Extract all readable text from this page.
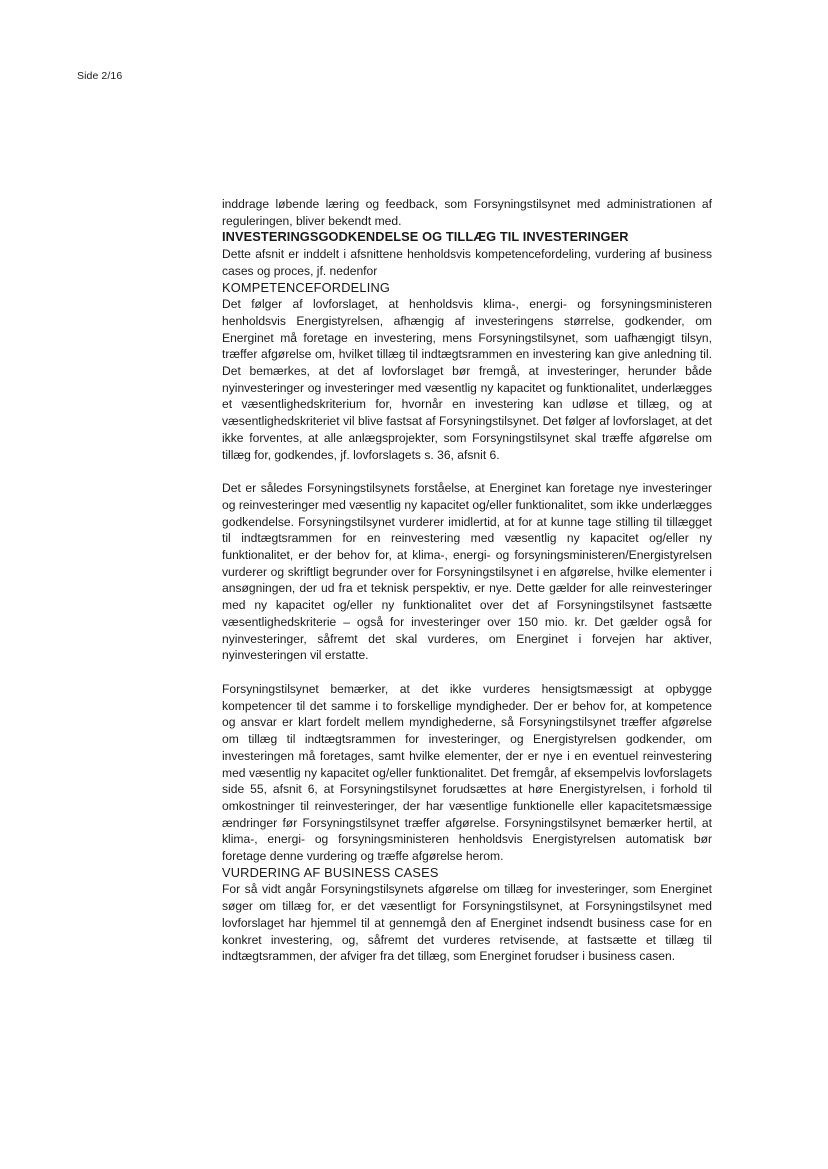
Side 2/16

inddrage løbende læring og feedback, som Forsyningstilsynet med administrationen af reguleringen, bliver bekendt med.

INVESTERINGSGODKENDELSE OG TILLÆG TIL INVESTERINGER

Dette afsnit er inddelt i afsnittene henholdsvis kompetencefordeling, vurdering af business cases og proces, jf. nedenfor

KOMPETENCEFORDELING

Det følger af lovforslaget, at henholdsvis klima-, energi- og forsyningsministeren henholdsvis Energistyrelsen, afhængig af investeringens størrelse, godkender, om Energinet må foretage en investering, mens Forsyningstilsynet, som uafhængigt tilsyn, træffer afgørelse om, hvilket tillæg til indtægtsrammen en investering kan give anledning til. Det bemærkes, at det af lovforslaget bør fremgå, at investeringer, herunder både nyinvesteringer og investeringer med væsentlig ny kapacitet og funktionalitet, underlægges et væsentlighedskriterium for, hvornår en investering kan udløse et tillæg, og at væsentlighedskriteriet vil blive fastsat af Forsyningstilsynet. Det følger af lovforslaget, at det ikke forventes, at alle anlægsprojekter, som Forsyningstilsynet skal træffe afgørelse om tillæg for, godkendes, jf. lovforslagets s. 36, afsnit 6.

Det er således Forsyningstilsynets forståelse, at Energinet kan foretage nye investeringer og reinvesteringer med væsentlig ny kapacitet og/eller funktionalitet, som ikke underlægges godkendelse. Forsyningstilsynet vurderer imidlertid, at for at kunne tage stilling til tillægget til indtægtsrammen for en reinvestering med væsentlig ny kapacitet og/eller ny funktionalitet, er der behov for, at klima-, energi- og forsyningsministeren/Energistyrelsen vurderer og skriftligt begrunder over for Forsyningstilsynet i en afgørelse, hvilke elementer i ansøgningen, der ud fra et teknisk perspektiv, er nye. Dette gælder for alle reinvesteringer med ny kapacitet og/eller ny funktionalitet over det af Forsyningstilsynet fastsætte væsentlighedskriterie – også for investeringer over 150 mio. kr. Det gælder også for nyinvesteringer, såfremt det skal vurderes, om Energinet i forvejen har aktiver, nyinvesteringen vil erstatte.

Forsyningstilsynet bemærker, at det ikke vurderes hensigtsmæssigt at opbygge kompetencer til det samme i to forskellige myndigheder. Der er behov for, at kompetence og ansvar er klart fordelt mellem myndighederne, så Forsyningstilsynet træffer afgørelse om tillæg til indtægtsrammen for investeringer, og Energistyrelsen godkender, om investeringen må foretages, samt hvilke elementer, der er nye i en eventuel reinvestering med væsentlig ny kapacitet og/eller funktionalitet. Det fremgår, af eksempelvis lovforslagets side 55, afsnit 6, at Forsyningstilsynet forudsættes at høre Energistyrelsen, i forhold til omkostninger til reinvesteringer, der har væsentlige funktionelle eller kapacitetsmæssige ændringer før Forsyningstilsynet træffer afgørelse. Forsyningstilsynet bemærker hertil, at klima-, energi- og forsyningsministeren henholdsvis Energistyrelsen automatisk bør foretage denne vurdering og træffe afgørelse herom.

VURDERING AF BUSINESS CASES

For så vidt angår Forsyningstilsynets afgørelse om tillæg for investeringer, som Energinet søger om tillæg for, er det væsentligt for Forsyningstilsynet, at Forsyningstilsynet med lovforslaget har hjemmel til at gennemgå den af Energinet indsendt business case for en konkret investering, og, såfremt det vurderes retvisende, at fastsætte et tillæg til indtægtsrammen, der afviger fra det tillæg, som Energinet forudser i business casen.
